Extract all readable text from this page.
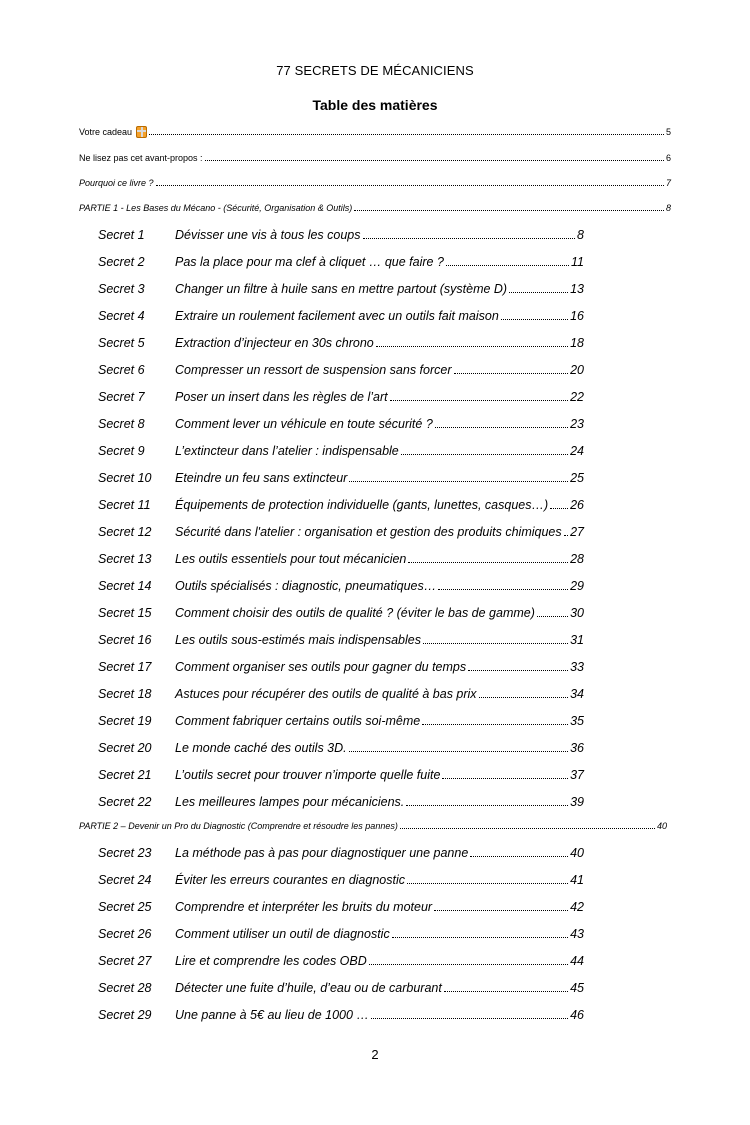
77 SECRETS DE MÉCANICIENS
Table des matières
Votre cadeau	5
Ne lisez pas cet avant-propos :	6
Pourquoi ce livre ?	7
PARTIE 1 - Les Bases du Mécano - (Sécurité, Organisation & Outils)	8
Secret 1	Dévisser une vis à tous les coups	8
Secret 2	Pas la place pour ma clef à cliquet … que faire ?	11
Secret 3	Changer un filtre à huile sans en mettre partout (système D)	13
Secret 4	Extraire un roulement facilement avec un outils fait maison	16
Secret 5	Extraction d’injecteur en 30s chrono	18
Secret 6	Compresser un ressort de suspension sans forcer	20
Secret 7	Poser un insert dans les règles de l’art	22
Secret 8	Comment lever un véhicule en toute sécurité ?	23
Secret 9	L’extincteur dans l’atelier : indispensable	24
Secret 10	Eteindre un feu sans extincteur	25
Secret 11	Équipements de protection individuelle (gants, lunettes, casques…) 26
Secret 12	Sécurité dans l'atelier : organisation et gestion des produits chimiques 27
Secret 13	Les outils essentiels pour tout mécanicien	28
Secret 14	Outils spécialisés : diagnostic, pneumatiques…	29
Secret 15	Comment choisir des outils de qualité ? (éviter le bas de gamme)	30
Secret 16	Les outils sous-estimés mais indispensables	31
Secret 17	Comment organiser ses outils pour gagner du temps	33
Secret 18	Astuces pour récupérer des outils de qualité à bas prix	34
Secret 19	Comment fabriquer certains outils soi-même	35
Secret 20	Le monde caché des outils 3D.	36
Secret 21	L’outils secret pour trouver n’importe quelle fuite	37
Secret 22	Les meilleures lampes pour mécaniciens.	39
PARTIE 2 – Devenir un Pro du Diagnostic (Comprendre et résoudre les pannes)	40
Secret 23	La méthode pas à pas pour diagnostiquer une panne	40
Secret 24	Éviter les erreurs courantes en diagnostic	41
Secret 25	Comprendre et interpréter les bruits du moteur	42
Secret 26	Comment utiliser un outil de diagnostic	43
Secret 27	Lire et comprendre les codes OBD	44
Secret 28	Détecter une fuite d’huile, d’eau ou de carburant	45
Secret 29	Une panne à 5€ au lieu de 1000 …	46
2
